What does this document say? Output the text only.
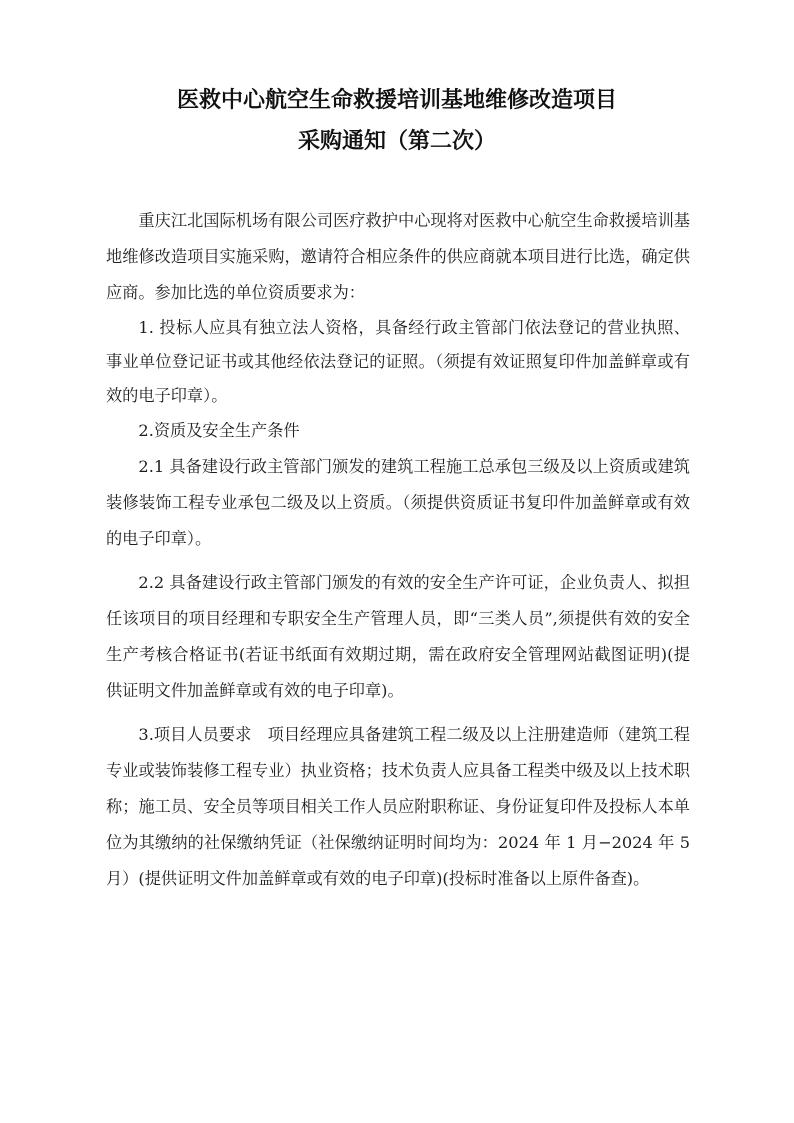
医救中心航空生命救援培训基地维修改造项目
采购通知（第二次）

重庆江北国际机场有限公司医疗救护中心现将对医救中心航空生命救援培训基地维修改造项目实施采购，邀请符合相应条件的供应商就本项目进行比选，确定供应商。参加比选的单位资质要求为：

1. 投标人应具有独立法人资格，具备经行政主管部门依法登记的营业执照、事业单位登记证书或其他经依法登记的证照。（须提有效证照复印件加盖鲜章或有效的电子印章）。

2.资质及安全生产条件

2.1 具备建设行政主管部门颁发的建筑工程施工总承包三级及以上资质或建筑装修装饰工程专业承包二级及以上资质。（须提供资质证书复印件加盖鲜章或有效的电子印章）。

2.2 具备建设行政主管部门颁发的有效的安全生产许可证，企业负责人、拟担任该项目的项目经理和专职安全生产管理人员，即“三类人员”,须提供有效的安全生产考核合格证书(若证书纸面有效期过期，需在政府安全管理网站截图证明)(提供证明文件加盖鲜章或有效的电子印章)。

3.项目人员要求　项目经理应具备建筑工程二级及以上注册建造师（建筑工程专业或装饰装修工程专业）执业资格；技术负责人应具备工程类中级及以上技术职称；施工员、安全员等项目相关工作人员应附职称证、身份证复印件及投标人本单位为其缴纳的社保缴纳凭证（社保缴纳证明时间均为：2024 年 1 月−2024 年 5 月）(提供证明文件加盖鲜章或有效的电子印章)(投标时准备以上原件备查)。
